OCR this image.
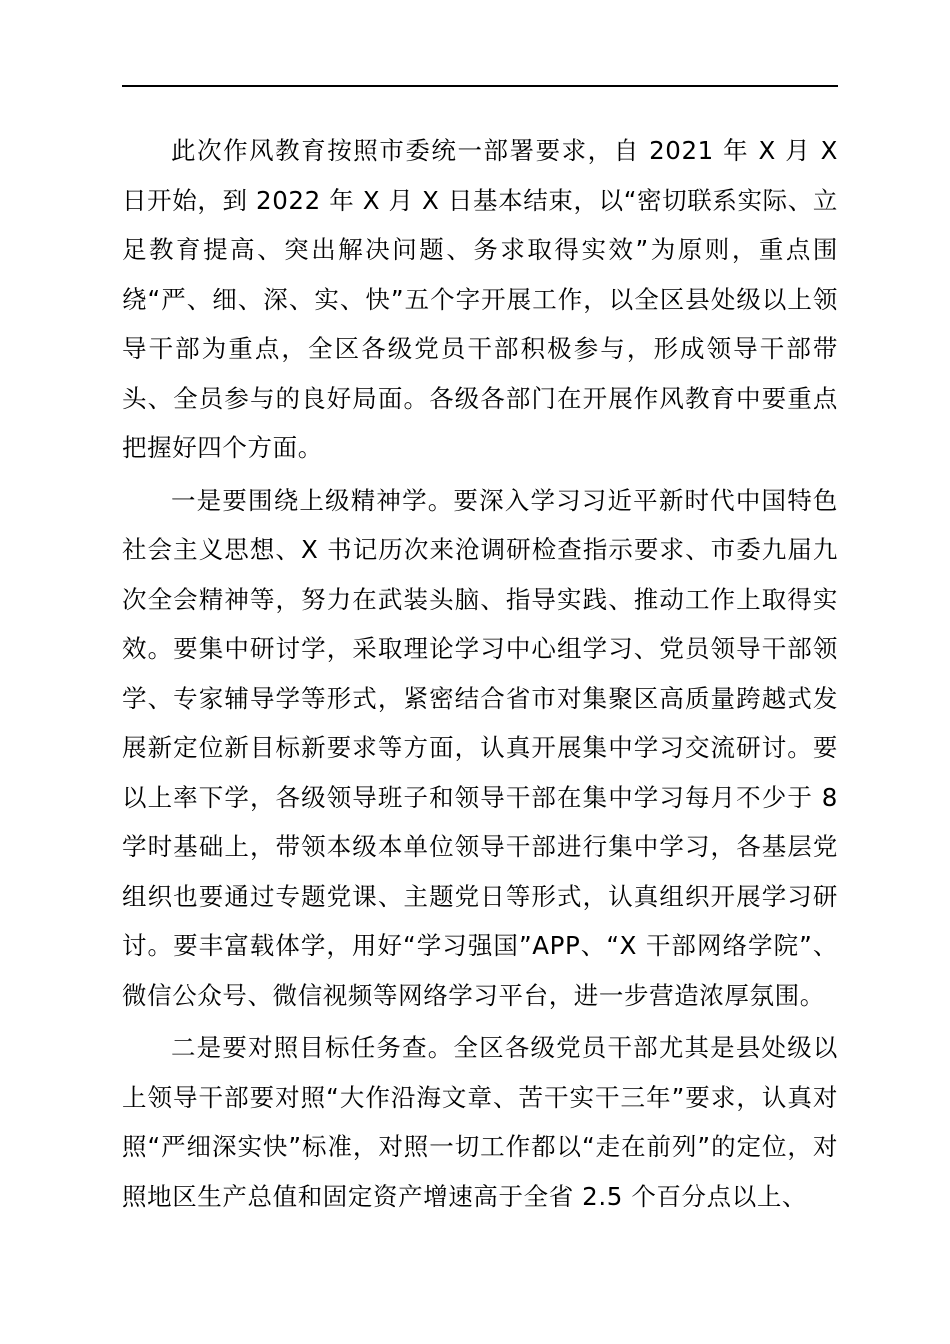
此次作风教育按照市委统一部署要求，自 2021 年 X 月 X 日开始，到 2022 年 X 月 X 日基本结束，以“密切联系实际、立足教育提高、突出解决问题、务求取得实效”为原则，重点围绕“严、细、深、实、快”五个字开展工作，以全区县处级以上领导干部为重点，全区各级党员干部积极参与，形成领导干部带头、全员参与的良好局面。各级各部门在开展作风教育中要重点把握好四个方面。

一是要围绕上级精神学。要深入学习习近平新时代中国特色社会主义思想、X 书记历次来沧调研检查指示要求、市委九届九次全会精神等，努力在武装头脑、指导实践、推动工作上取得实效。要集中研讨学，采取理论学习中心组学习、党员领导干部领学、专家辅导学等形式，紧密结合省市对集聚区高质量跨越式发展新定位新目标新要求等方面，认真开展集中学习交流研讨。要以上率下学，各级领导班子和领导干部在集中学习每月不少于 8 学时基础上，带领本级本单位领导干部进行集中学习，各基层党组织也要通过专题党课、主题党日等形式，认真组织开展学习研讨。要丰富载体学，用好“学习强国”APP、“X 干部网络学院”、微信公众号、微信视频等网络学习平台，进一步营造浓厚氛围。

二是要对照目标任务查。全区各级党员干部尤其是县处级以上领导干部要对照“大作沿海文章、苦干实干三年”要求，认真对照“严细深实快”标准，对照一切工作都以“走在前列”的定位，对照地区生产总值和固定资产增速高于全省 2.5 个百分点以上、
